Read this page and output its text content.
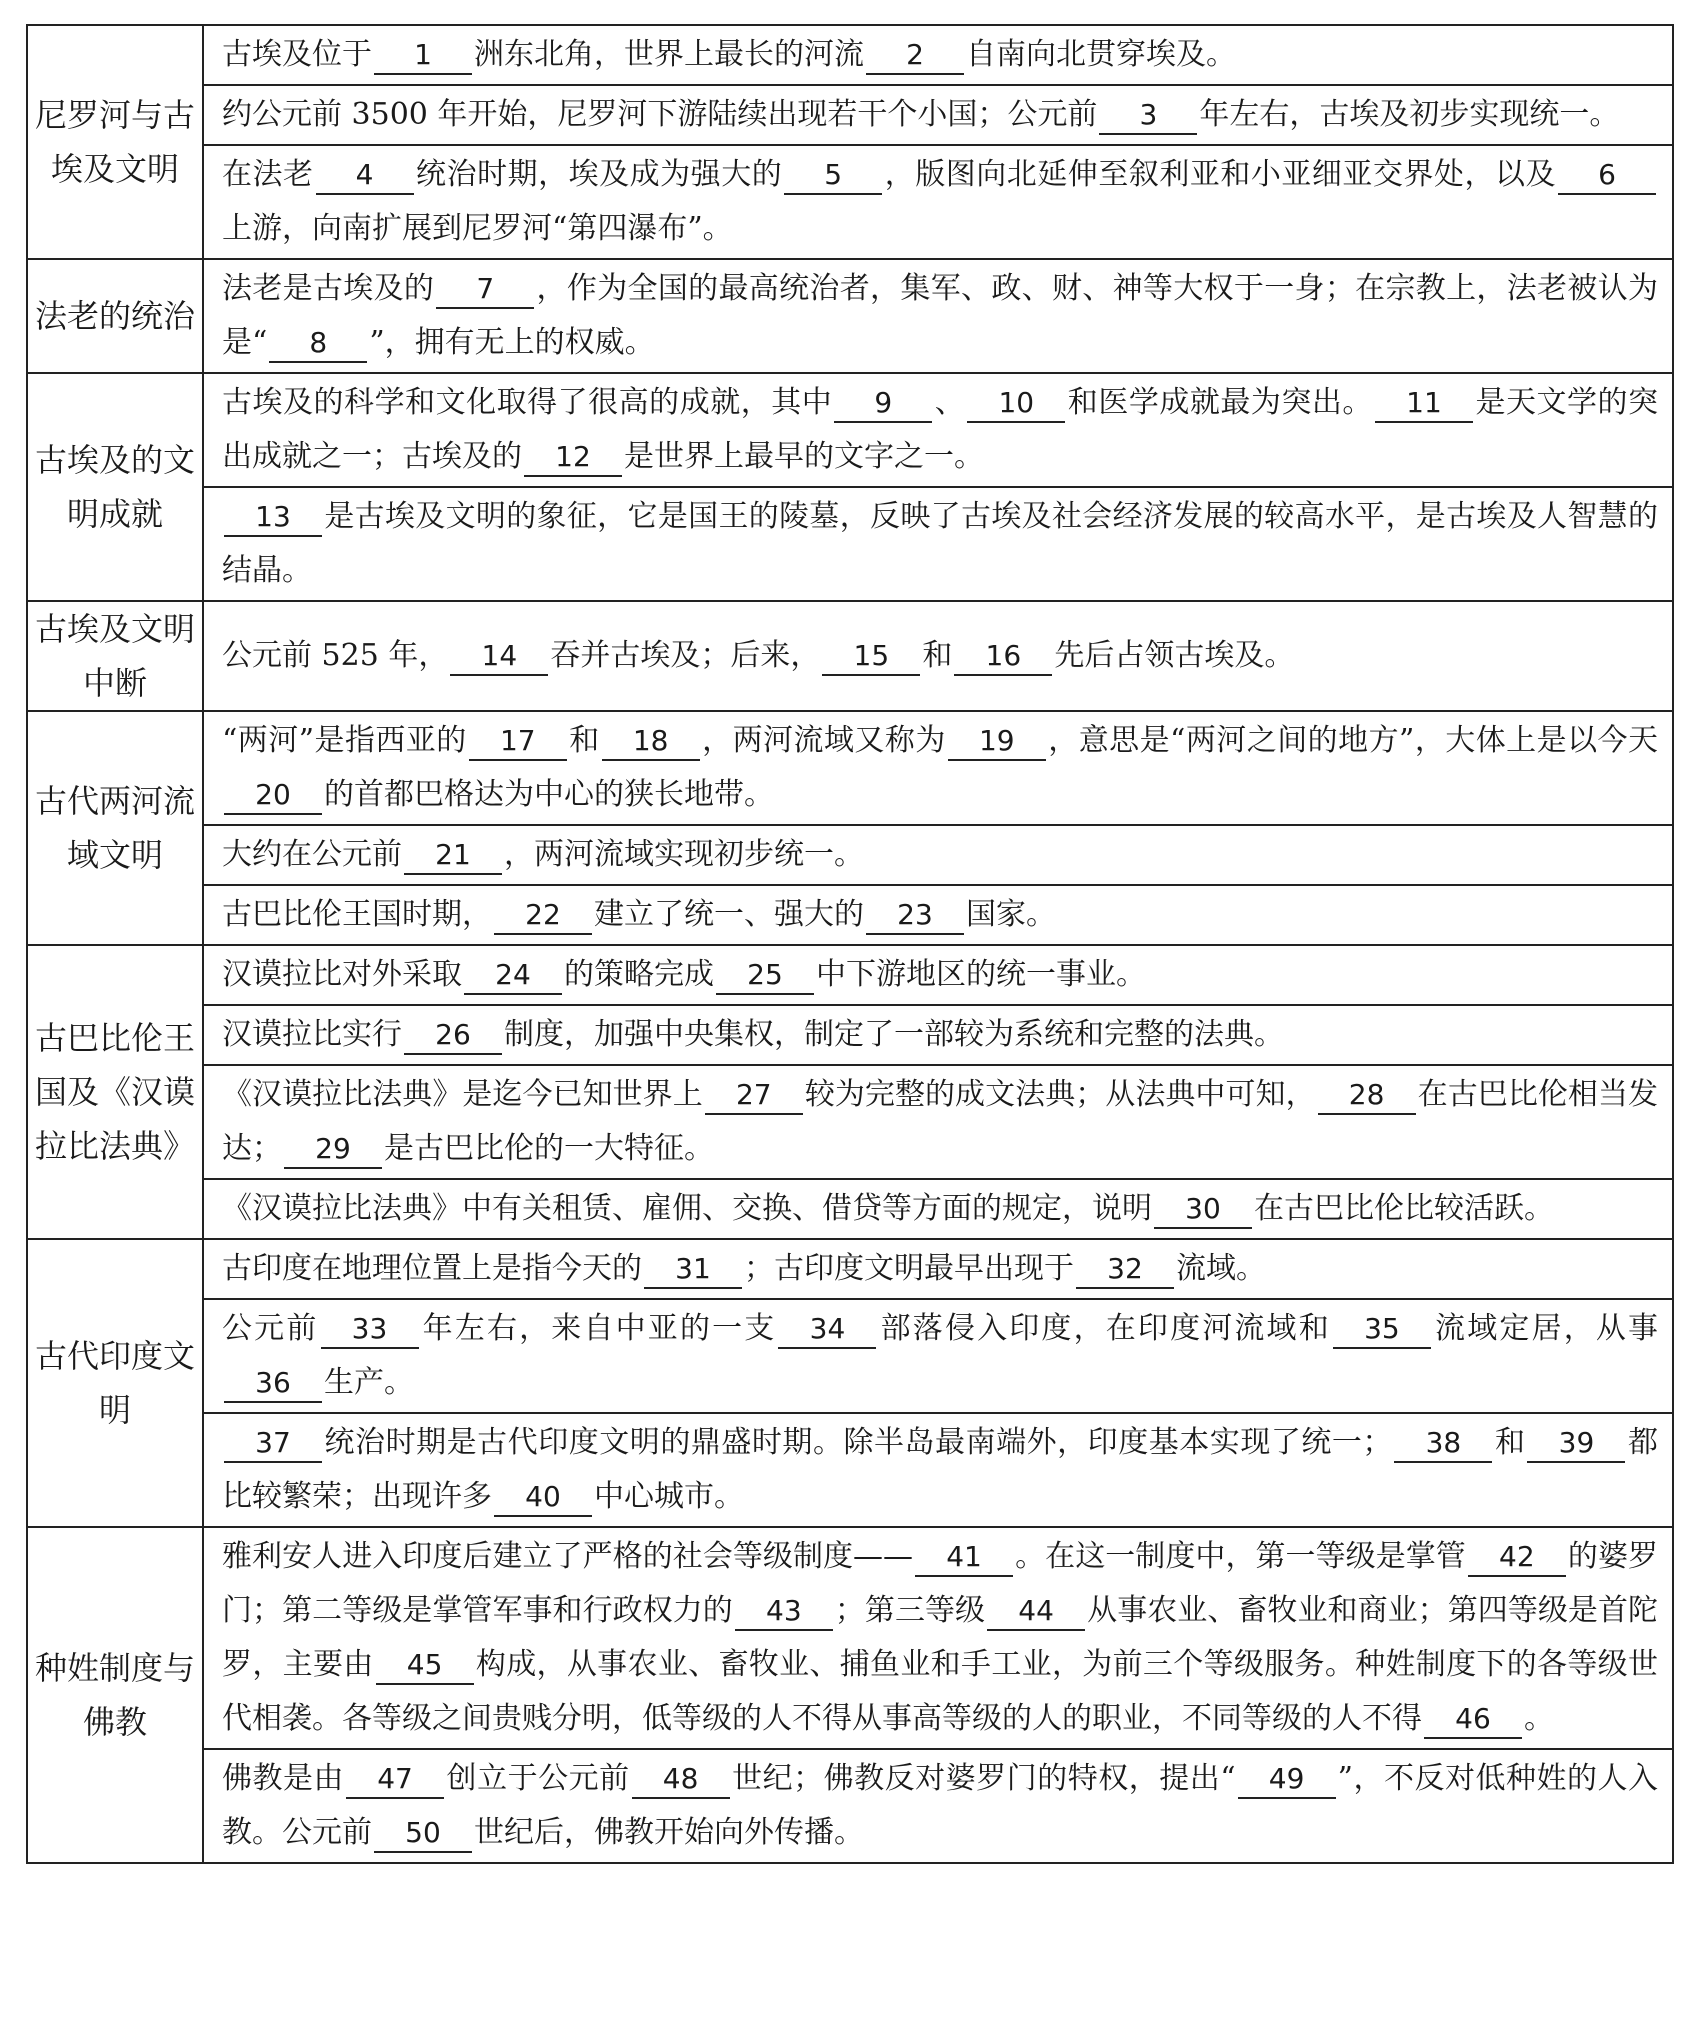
尼罗河与古埃及文明	古埃及位于 1 洲东北角，世界上最长的河流 2 自南向北贯穿埃及。
	约公元前 3500 年开始，尼罗河下游陆续出现若干个小国；公元前 3 年左右，古埃及初步实现统一。
	在法老 4 统治时期，埃及成为强大的 5 ，版图向北延伸至叙利亚和小亚细亚交界处，以及 6上游，向南扩展到尼罗河“第四瀑布”。
法老的统治	法老是古埃及的 7 ，作为全国的最高统治者，集军、政、财、神等大权于一身；在宗教上，法老被认为是“ 8 ”，拥有无上的权威。
古埃及的文明成就	古埃及的科学和文化取得了很高的成就，其中 9 、 10 和医学成就最为突出。 11 是天文学的突出成就之一；古埃及的 12 是世界上最早的文字之一。
	13 是古埃及文明的象征，它是国王的陵墓，反映了古埃及社会经济发展的较高水平，是古埃及人智慧的结晶。
古埃及文明中断	公元前 525 年， 14 吞并古埃及；后来， 15 和 16 先后占领古埃及。
古代两河流域文明	“两河”是指西亚的 17 和 18 ，两河流域又称为 19 ，意思是“两河之间的地方”，大体上是以今天20 的首都巴格达为中心的狭长地带。
	大约在公元前 21 ，两河流域实现初步统一。
	古巴比伦王国时期， 22 建立了统一、强大的 23 国家。
古巴比伦王国及《汉谟拉比法典》	汉谟拉比对外采取 24 的策略完成 25 中下游地区的统一事业。
	汉谟拉比实行 26 制度，加强中央集权，制定了一部较为系统和完整的法典。
	《汉谟拉比法典》是迄今已知世界上 27 较为完整的成文法典；从法典中可知， 28 在古巴比伦相当发达； 29 是古巴比伦的一大特征。
	《汉谟拉比法典》中有关租赁、雇佣、交换、借贷等方面的规定，说明 30 在古巴比伦比较活跃。
古代印度文明	古印度在地理位置上是指今天的 31 ；古印度文明最早出现于 32 流域。
	公元前 33 年左右，来自中亚的一支 34 部落侵入印度，在印度河流域和 35 流域定居，从事36 生产。
	37 统治时期是古代印度文明的鼎盛时期。除半岛最南端外，印度基本实现了统一； 38 和 39 都比较繁荣；出现许多 40 中心城市。
种姓制度与佛教	雅利安人进入印度后建立了严格的社会等级制度—— 41 。在这一制度中，第一等级是掌管 42 的婆罗门；第二等级是掌管军事和行政权力的 43 ；第三等级 44 从事农业、畜牧业和商业；第四等级是首陀罗，主要由 45 构成，从事农业、畜牧业、捕鱼业和手工业，为前三个等级服务。种姓制度下的各等级世代相袭。各等级之间贵贱分明，低等级的人不得从事高等级的人的职业，不同等级的人不得 46 。
	佛教是由 47 创立于公元前 48 世纪；佛教反对婆罗门的特权，提出“ 49 ”，不反对低种姓的人入教。公元前 50 世纪后，佛教开始向外传播。
